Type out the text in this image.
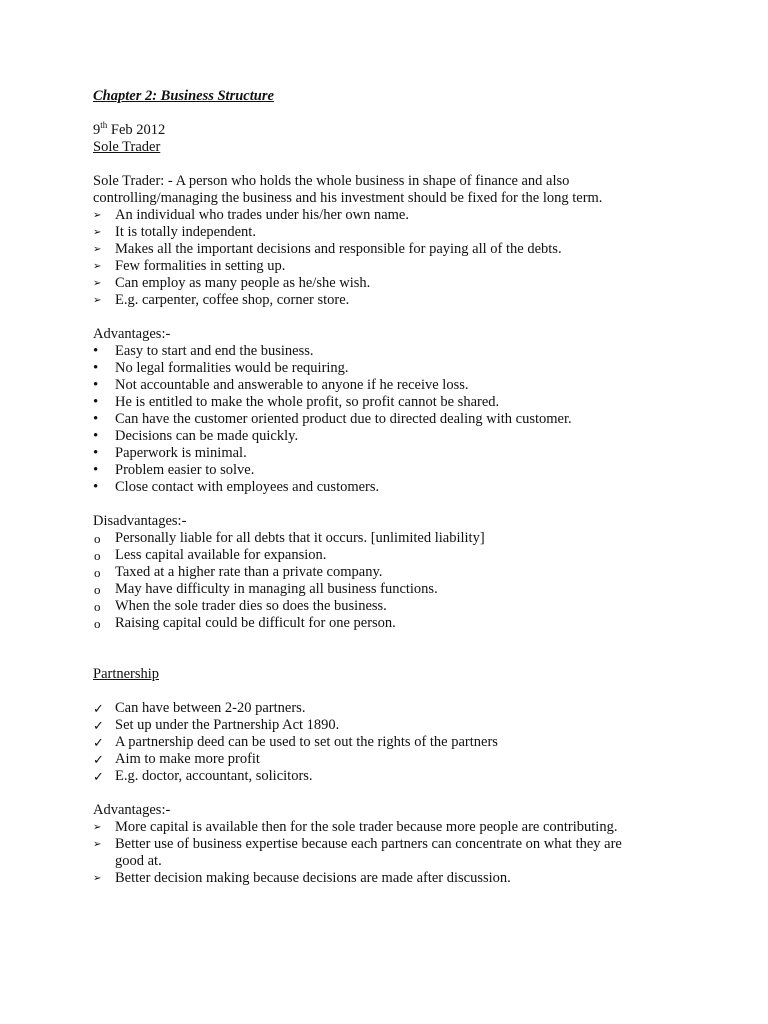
Chapter 2: Business Structure
9th Feb 2012
Sole Trader
Sole Trader: - A person who holds the whole business in shape of finance and also
controlling/managing the business and his investment should be fixed for the long term.
➢ An individual who trades under his/her own name.
➢ It is totally independent.
➢ Makes all the important decisions and responsible for paying all of the debts.
➢ Few formalities in setting up.
➢ Can employ as many people as he/she wish.
➢ E.g. carpenter, coffee shop, corner store.
Advantages:-
•	Easy to start and end the business.
•	No legal formalities would be requiring.
•	Not accountable and answerable to anyone if he receive loss.
•	He is entitled to make the whole profit, so profit cannot be shared.
•	Can have the customer oriented product due to directed dealing with customer.
•	Decisions can be made quickly.
•	Paperwork is minimal.
•	Problem easier to solve.
•	Close contact with employees and customers.
Disadvantages:-
o	Personally liable for all debts that it occurs. [unlimited liability]
o	Less capital available for expansion.
o	Taxed at a higher rate than a private company.
o	May have difficulty in managing all business functions.
o	When the sole trader dies so does the business.
o	Raising capital could be difficult for one person.
Partnership
✓ Can have between 2-20 partners.
✓ Set up under the Partnership Act 1890.
✓ A partnership deed can be used to set out the rights of the partners
✓ Aim to make more profit
✓ E.g. doctor, accountant, solicitors.
Advantages:-
➢ More capital is available then for the sole trader because more people are contributing.
➢ Better use of business expertise because each partners can concentrate on what they are
good at.
➢ Better decision making because decisions are made after discussion.
